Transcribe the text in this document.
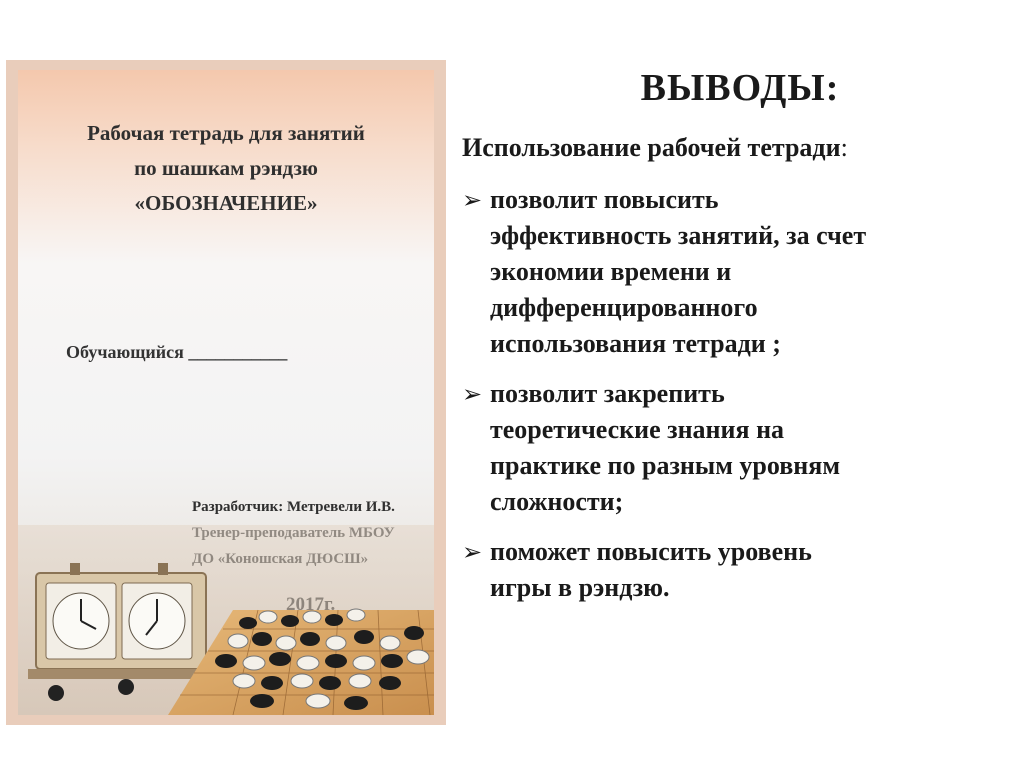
Рабочая тетрадь для занятий
по шашкам рэндзю
«ОБОЗНАЧЕНИЕ»
Обучающийся ___________
Разработчик: Метревели И.В.
ВЫВОДЫ:
Использование рабочей тетради:
➢ позволит повысить
эффективность занятий, за счет
экономии времени и
дифференцированного
использования тетради ;
➢ позволит закрепить
теоретические знания на
практике по разным уровням
сложности;
➢ поможет повысить уровень
игры в рэндзю.
